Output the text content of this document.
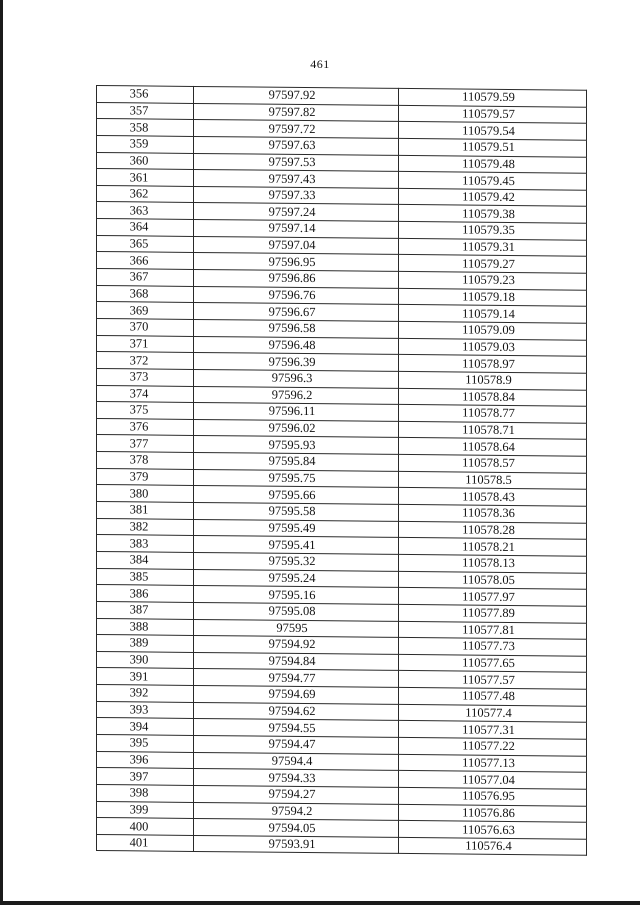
461
356	97597.92	110579.59
357	97597.82	110579.57
358	97597.72	110579.54
359	97597.63	110579.51
360	97597.53	110579.48
361	97597.43	110579.45
362	97597.33	110579.42
363	97597.24	110579.38
364	97597.14	110579.35
365	97597.04	110579.31
366	97596.95	110579.27
367	97596.86	110579.23
368	97596.76	110579.18
369	97596.67	110579.14
370	97596.58	110579.09
371	97596.48	110579.03
372	97596.39	110578.97
373	97596.3	110578.9
374	97596.2	110578.84
375	97596.11	110578.77
376	97596.02	110578.71
377	97595.93	110578.64
378	97595.84	110578.57
379	97595.75	110578.5
380	97595.66	110578.43
381	97595.58	110578.36
382	97595.49	110578.28
383	97595.41	110578.21
384	97595.32	110578.13
385	97595.24	110578.05
386	97595.16	110577.97
387	97595.08	110577.89
388	97595	110577.81
389	97594.92	110577.73
390	97594.84	110577.65
391	97594.77	110577.57
392	97594.69	110577.48
393	97594.62	110577.4
394	97594.55	110577.31
395	97594.47	110577.22
396	97594.4	110577.13
397	97594.33	110577.04
398	97594.27	110576.95
399	97594.2	110576.86
400	97594.05	110576.63
401	97593.91	110576.4
